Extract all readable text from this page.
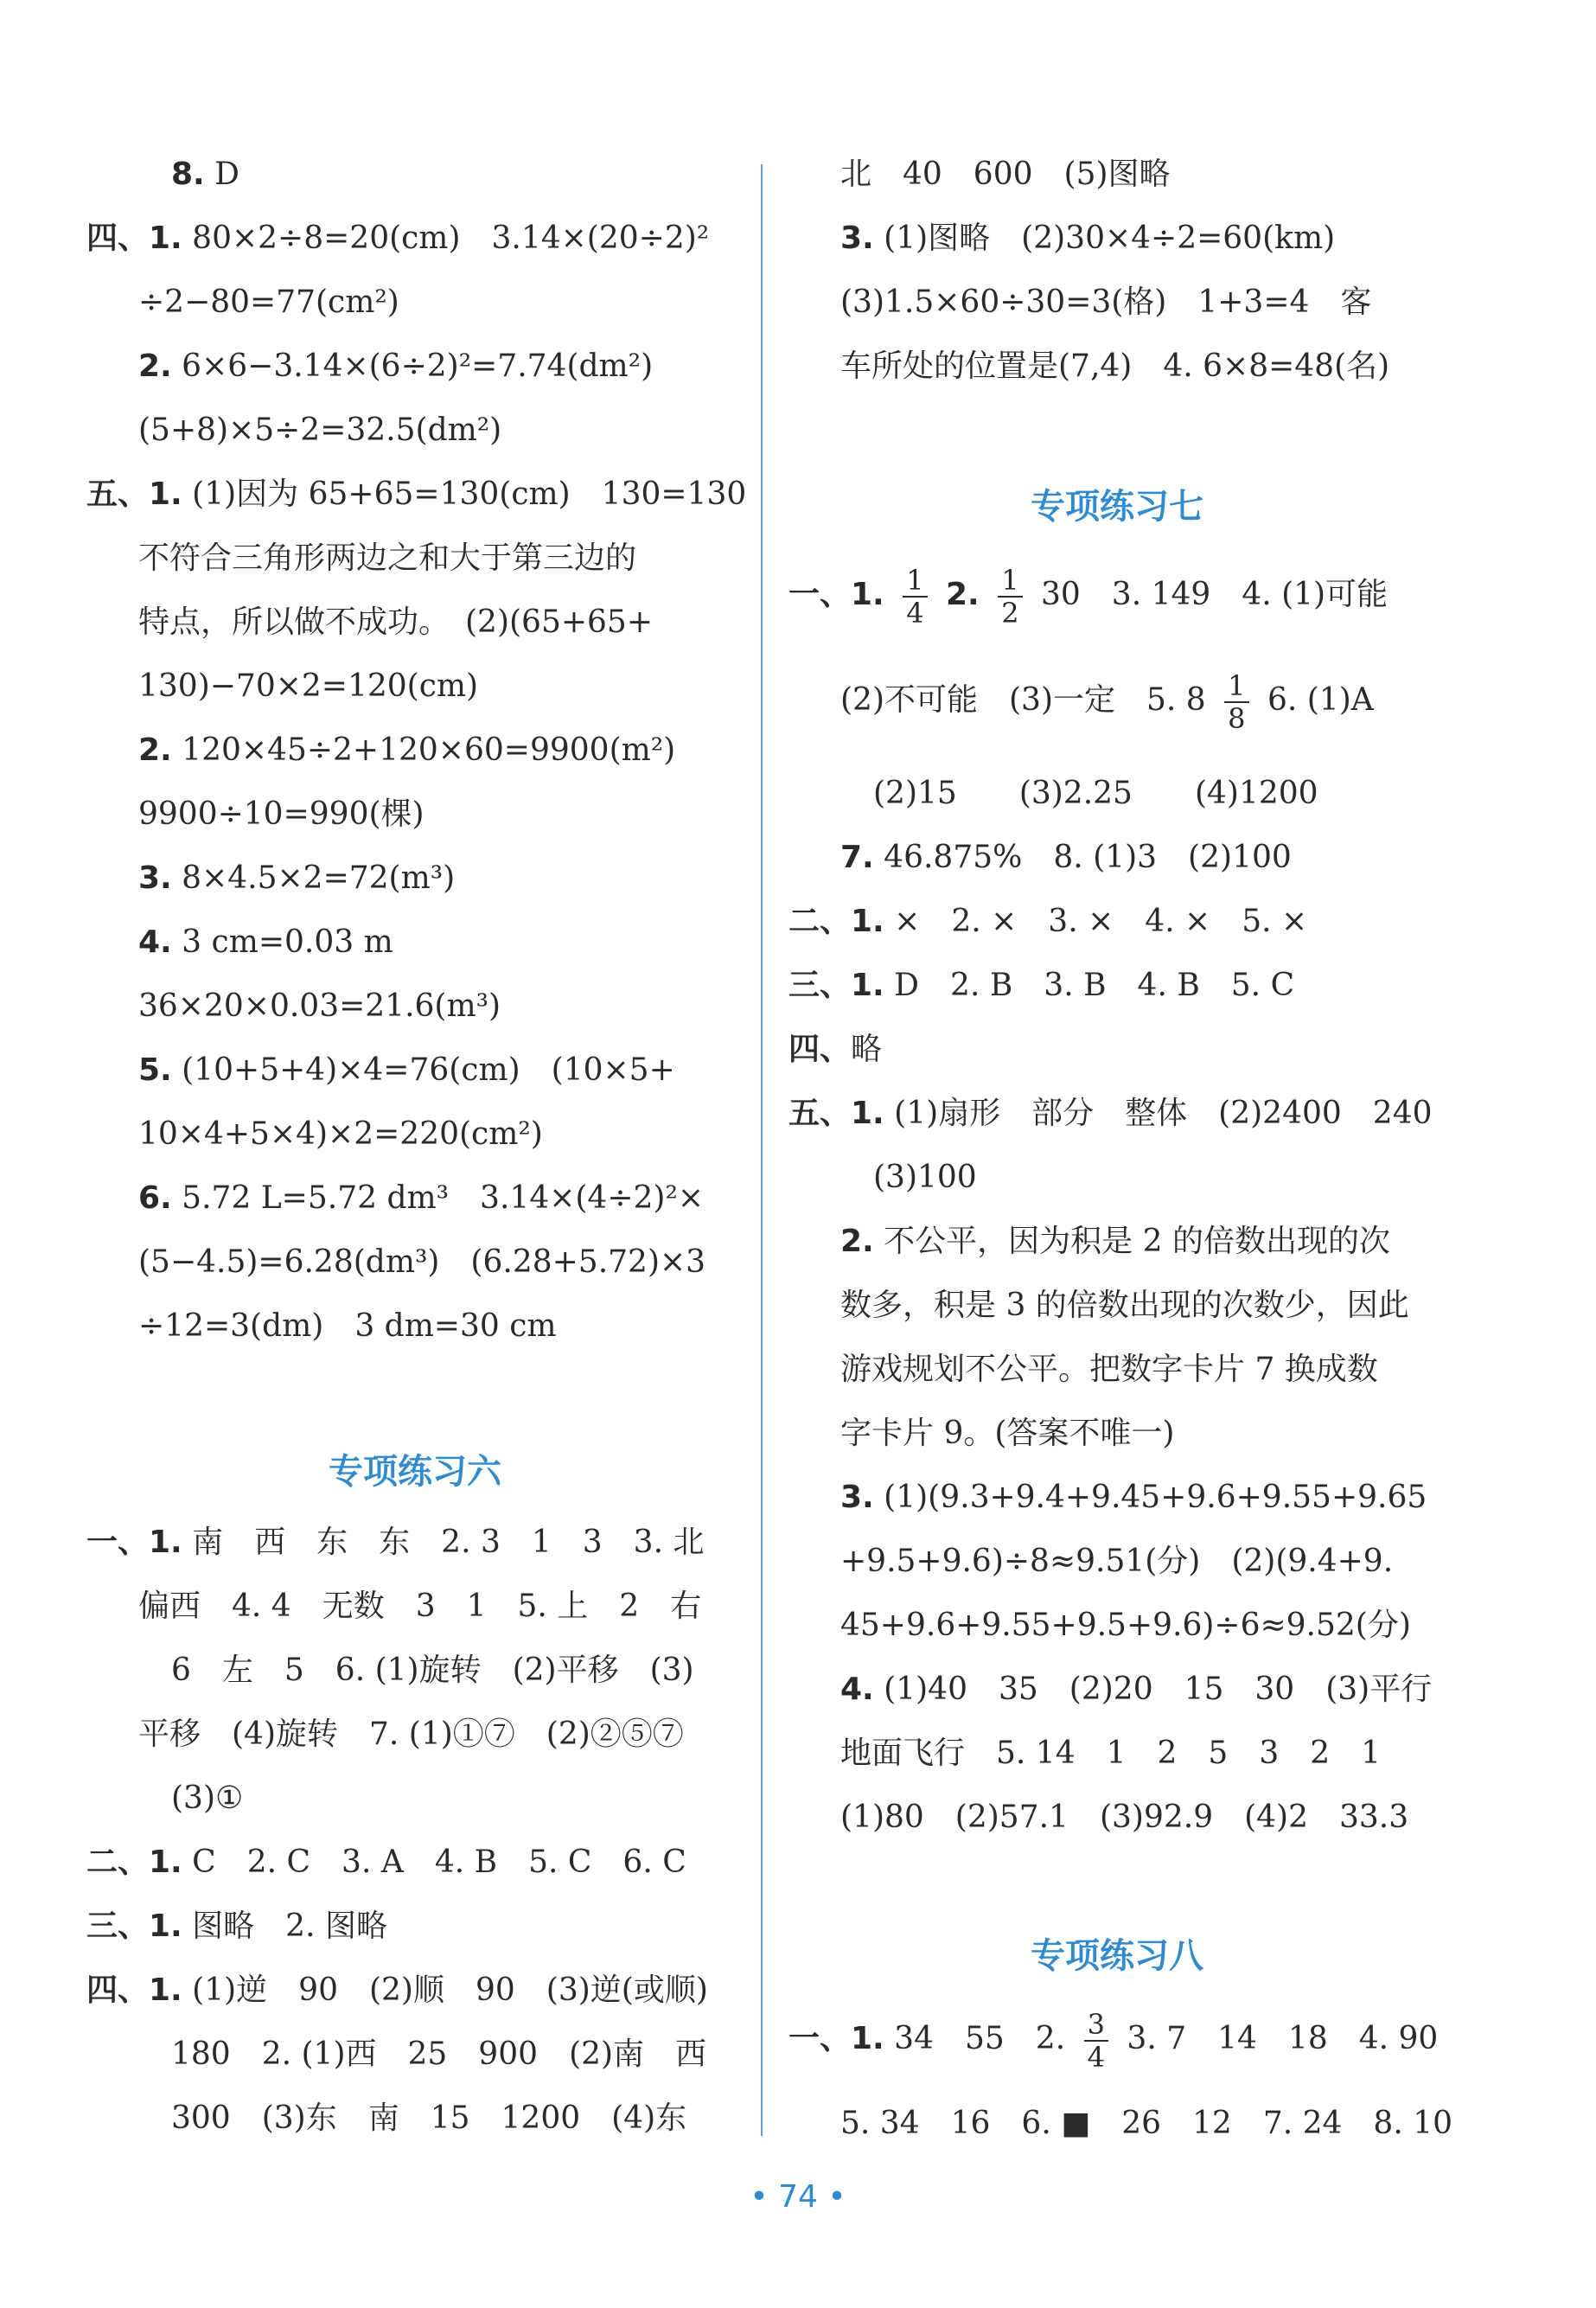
8. D
四、1. 80×2÷8=20(cm)　3.14×(20÷2)²
÷2−80=77(cm²)
2. 6×6−3.14×(6÷2)²=7.74(dm²)
(5+8)×5÷2=32.5(dm²)
五、1. (1)因为 65+65=130(cm)　130=130
不符合三角形两边之和大于第三边的
特点，所以做不成功。　(2)(65+65+
130)−70×2=120(cm)
2. 120×45÷2+120×60=9900(m²)
9900÷10=990(棵)
3. 8×4.5×2=72(m³)
4. 3 cm=0.03 m
36×20×0.03=21.6(m³)
5. (10+5+4)×4=76(cm)　(10×5+
10×4+5×4)×2=220(cm²)
6. 5.72 L=5.72 dm³　3.14×(4÷2)²×
(5−4.5)=6.28(dm³)　(6.28+5.72)×3
÷12=3(dm)　3 dm=30 cm
专项练习六
一、1. 南　西　东　东　2. 3　1　3　3. 北
偏西　4. 4　无数　3　1　5. 上　2　右
6　左　5　6. (1)旋转　(2)平移　(3)
平移　(4)旋转　7. (1)①⑦　(2)②⑤⑦
(3)①
二、1. C　2. C　3. A　4. B　5. C　6. C
三、1. 图略　2. 图略
四、1. (1)逆　90　(2)顺　90　(3)逆(或顺)
180　2. (1)西　25　900　(2)南　西
300　(3)东　南　15　1200　(4)东
北　40　600　(5)图略
3. (1)图略　(2)30×4÷2=60(km)
(3)1.5×60÷30=3(格)　1+3=4　客
车所处的位置是(7,4)　4. 6×8=48(名)
专项练习七
一、1. $\frac{1}{4} 2$. $\frac{1}{2} 30$　3. 149　4. (1)可能
(2)不可能　(3)一定　5. $8 \frac{1}{8} 6$. (1)A
(2)15　　(3)2.25　　(4)1200
7. 46.875%　8. (1)3　(2)100
二、1. ×　2. ×　3. ×　4. ×　5. ×
三、1. D　2. B　3. B　4. B　5. C
四、略
五、1. (1)扇形　部分　整体　(2)2400　240
(3)100
2. 不公平，因为积是 2 的倍数出现的次
数多，积是 3 的倍数出现的次数少，因此
游戏规划不公平。把数字卡片 7 换成数
字卡片 9。(答案不唯一)
3. (1)(9.3+9.4+9.45+9.6+9.55+9.65
+9.5+9.6)÷8≈9.51(分)　(2)(9.4+9.
45+9.6+9.55+9.5+9.6)÷6≈9.52(分)
4. (1)40　35　(2)20　15　30　(3)平行
地面飞行　5. 14　1　2　5　3　2　1
(1)80　(2)57.1　(3)92.9　(4)2　33.3
专项练习八
一、1. 34　55　2. $\frac{3}{4} 3$. 7　14　18　4. 90
5. 34　16　6. ■　26　12　7. 24　8. 10
• 74 •
